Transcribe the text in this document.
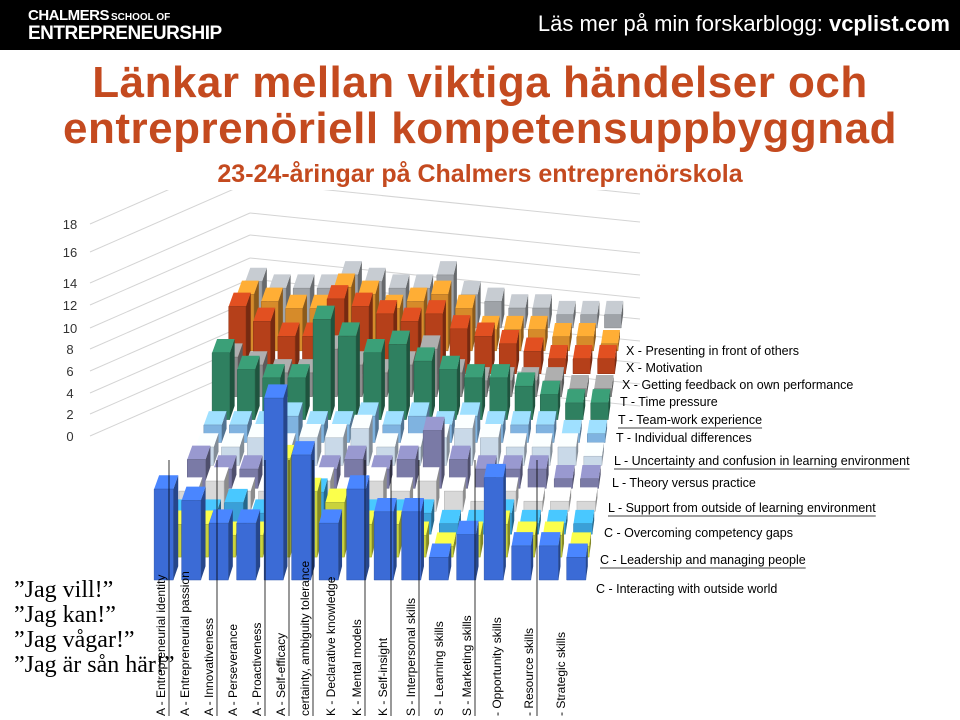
CHALMERS SCHOOL OF
ENTREPRENEURSHIP	Läs mer på min forskarblogg: vcplist.com
Länkar mellan viktiga händelser och
entreprenöriell kompetensuppbyggnad
23-24-åringar på Chalmers entreprenörskola
0
2
4
6
8
10
12
14
16
18
A - Entrepreneurial identity A - Entrepreneurial passion A - Innovativeness A - Perseverance A - Proactiveness A - Self-efficacy certainty, ambiguity tolerance K - Declarative knowledge K - Mental models K - Self-insight S - Interpersonal skills S - Learning skills S - Marketing skills - Opportunity skills - Resource skills - Strategic skills
X - Presenting in front of others
X - Motivation
X - Getting feedback on own performance
T - Time pressure
T - Team-work experience
T - Individual differences
L - Uncertainty and confusion in learning environment
L - Theory versus practice
L - Support from outside of learning environment
C - Overcoming competency gaps
C - Leadership and managing people
C - Interacting with outside world
”Jag vill!”
”Jag kan!”
”Jag vågar!”
”Jag är sån här!”
